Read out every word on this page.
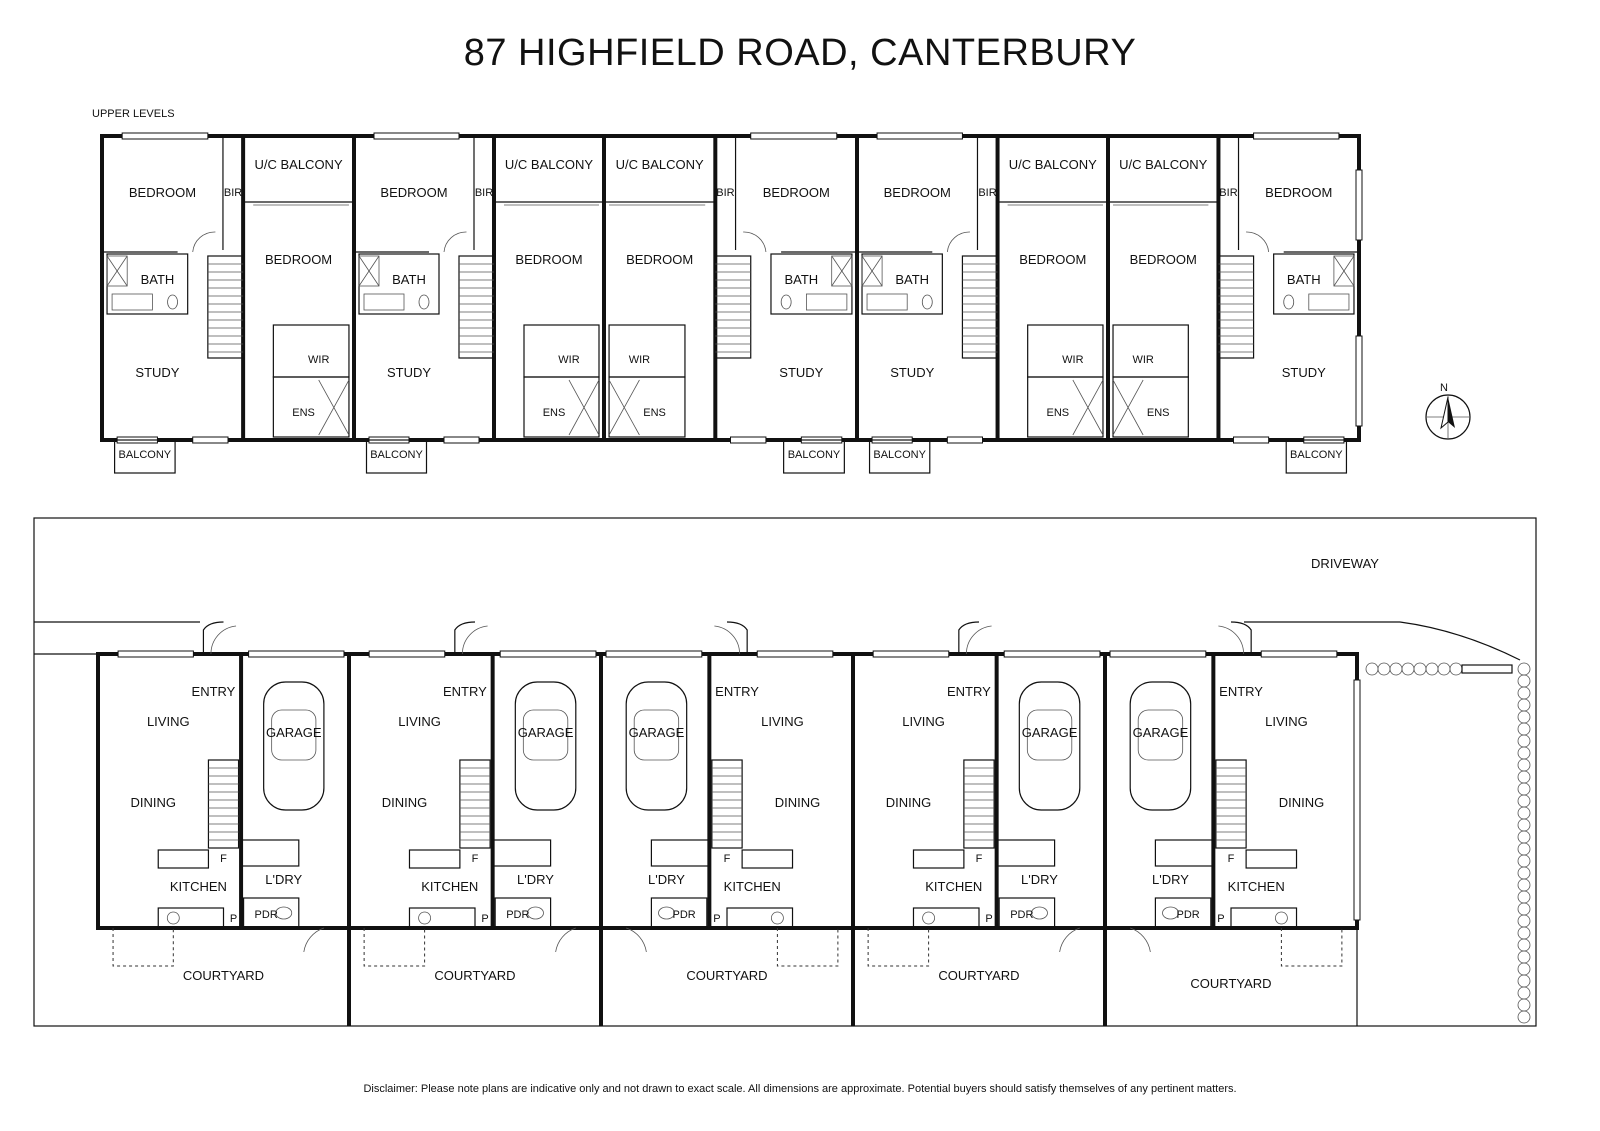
87 HIGHFIELD ROAD, CANTERBURY
BALCONY
BEDROOM	BIR
U/C BALCONY
BEDROOM
BATH
STUDY
WIR
ENS
BALCONY
BEDROOM BIR
U/C BALCONY
BEDROOM
BATH
STUDY
WIR
ENS
BALCONY
BEDROOM
BIR
U/C BALCONY
BEDROOM
BATH
STUDY
WIR
ENS
BALCONY
BEDROOM	BIR
U/C BALCONY
BEDROOM
BATH
STUDY
WIR
ENS
BALCONY
BEDROOM
BIR
U/C BALCONY
BEDROOM
BATH
STUDY
WIR
ENS
DRIVEWAY
ENTRY
LIVING
GARAGE
DINING
F
KITCHEN	L'DRY
PDR
P
COURTYARD
ENTRY
LIVING
GARAGE
DINING
F
KITCHEN	L'DRY
PDR
P
COURTYARD
ENTRY
LIVING
GARAGE
DINING
F
KITCHEN
L'DRY
PDR P
COURTYARD
ENTRY
LIVING
GARAGE
DINING
F
KITCHEN	L'DRY
PDR
P
COURTYARD
ENTRY
LIVING
GARAGE
DINING
F
KITCHEN
L'DRY
PDR P
COURTYARD
N
UPPER LEVELS
Disclaimer: Please note plans are indicative only and not drawn to exact scale. All dimensions are approximate. Potential buyers should satisfy themselves of any pertinent matters.
